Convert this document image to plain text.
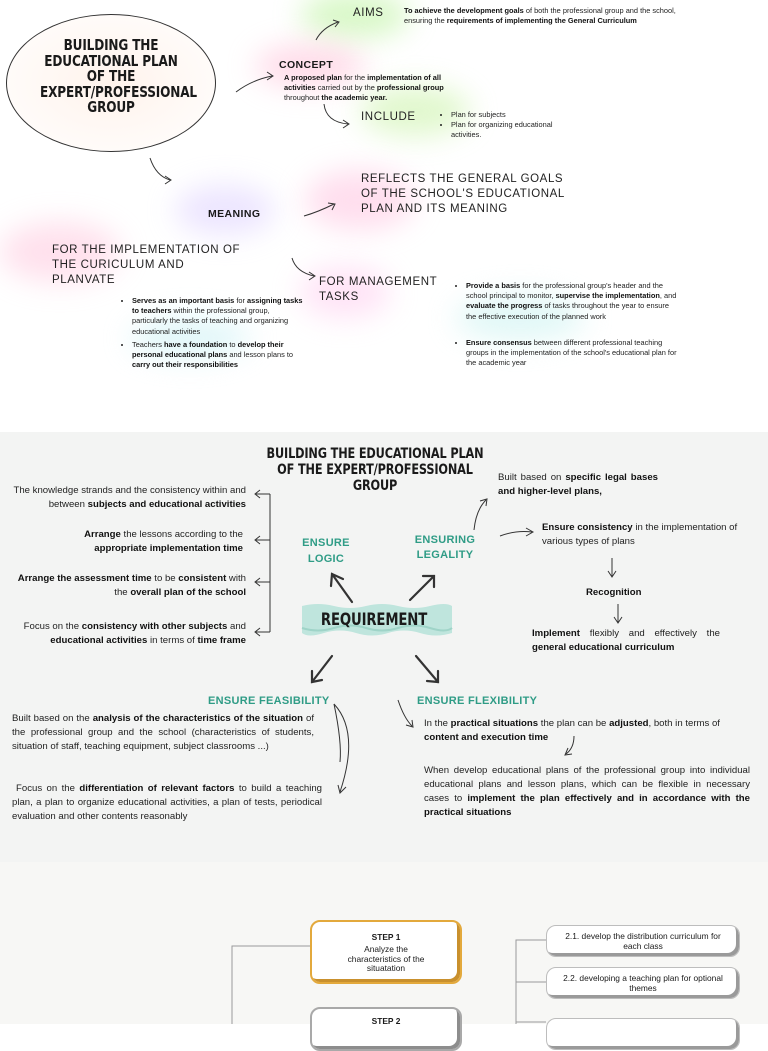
BUILDING THE EDUCATIONAL PLAN OF THE EXPERT/PROFESSIONAL GROUP
AIMS	To achieve the development goals of both the professional group and the school, ensuring the requirements of implementing the General Curriculum
CONCEPT
A proposed plan for the implementation of all activities carried out by the professional group throughout the academic year.
INCLUDE
•	Plan for subjects
• Plan for organizing educational activities.
MEANING
REFLECTS THE GENERAL GOALS OF THE SCHOOL'S EDUCATIONAL PLAN AND ITS MEANING
FOR THE IMPLEMENTATION OF THE CURICULUM AND PLANVATE	FOR MANAGEMENT TASKS
• Serves as an important basis for assigning tasks to teachers within the professional group, particularly the tasks of teaching and organizing educational activities
• Teachers have a foundation to develop their personal educational plans and lesson plans to carry out their responsibilities
• Provide a basis for the professional group's header and the school principal to monitor, supervise the implementation, and evaluate the progress of tasks throughout the year to ensure the effective execution of the planned work
• Ensure consensus between different professional teaching groups in the implementation of the school's educational plan for the academic year
BUILDING THE EDUCATIONAL PLAN OF THE EXPERT/PROFESSIONAL GROUP
REQUIREMENT
ENSURE LOGIC
ENSURING LEGALITY
ENSURE FEASIBILITY	ENSURE FLEXIBILITY
The knowledge strands and the consistency within and between subjects and educational activities
Arrange the lessons according to the appropriate implementation time
Arrange the assessment time to be consistent with the overall plan of the school
Focus on the consistency with other subjects and educational activities in terms of time frame
Built based on specific legal bases and higher-level plans,
Ensure consistency in the implementation of various types of plans
Recognition
Implement flexibly and effectively the general educational curriculum
Built based on the analysis of the characteristics of the situation of the professional group and the school (characteristics of students, situation of staff, teaching equipment, subject classrooms ...)
Focus on the differentiation of relevant factors to build a teaching plan, a plan to organize educational activities, a plan of tests, periodical evaluation and other contents reasonably
In the practical situations the plan can be adjusted, both in terms of content and execution time
When develop educational plans of the professional group into individual educational plans and lesson plans, which can be flexible in necessary cases to implement the plan effectively and in accordance with the practical situations
STEP 1
Analyze the characteristics of the situatation
STEP 2
2.1. develop the distribution curriculum for each class
2.2. developing a teaching plan for optional themes
